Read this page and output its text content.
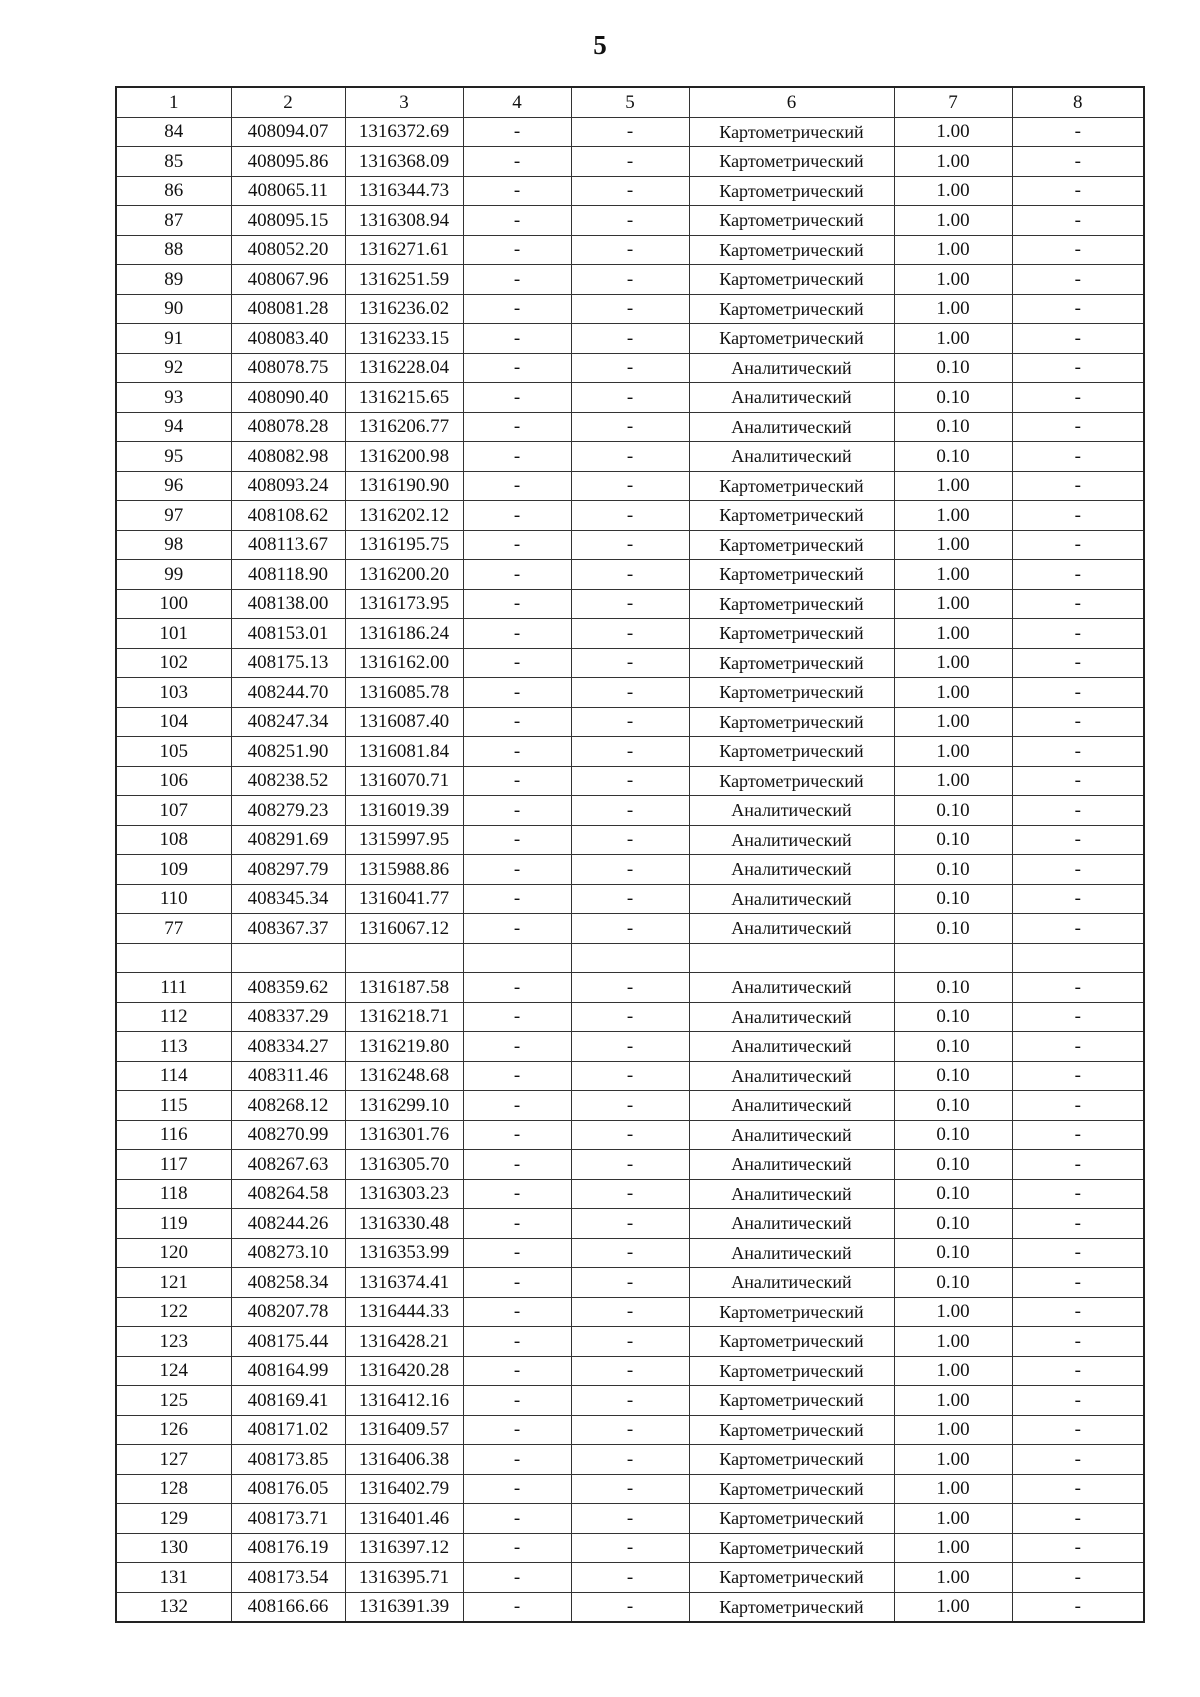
5
1	2	3	4	5	6	7	8
84	408094.07	1316372.69	-	-	Картометрический	1.00	-
85	408095.86	1316368.09	-	-	Картометрический	1.00	-
86	408065.11	1316344.73	-	-	Картометрический	1.00	-
87	408095.15	1316308.94	-	-	Картометрический	1.00	-
88	408052.20	1316271.61	-	-	Картометрический	1.00	-
89	408067.96	1316251.59	-	-	Картометрический	1.00	-
90	408081.28	1316236.02	-	-	Картометрический	1.00	-
91	408083.40	1316233.15	-	-	Картометрический	1.00	-
92	408078.75	1316228.04	-	-	Аналитический	0.10	-
93	408090.40	1316215.65	-	-	Аналитический	0.10	-
94	408078.28	1316206.77	-	-	Аналитический	0.10	-
95	408082.98	1316200.98	-	-	Аналитический	0.10	-
96	408093.24	1316190.90	-	-	Картометрический	1.00	-
97	408108.62	1316202.12	-	-	Картометрический	1.00	-
98	408113.67	1316195.75	-	-	Картометрический	1.00	-
99	408118.90	1316200.20	-	-	Картометрический	1.00	-
100	408138.00	1316173.95	-	-	Картометрический	1.00	-
101	408153.01	1316186.24	-	-	Картометрический	1.00	-
102	408175.13	1316162.00	-	-	Картометрический	1.00	-
103	408244.70	1316085.78	-	-	Картометрический	1.00	-
104	408247.34	1316087.40	-	-	Картометрический	1.00	-
105	408251.90	1316081.84	-	-	Картометрический	1.00	-
106	408238.52	1316070.71	-	-	Картометрический	1.00	-
107	408279.23	1316019.39	-	-	Аналитический	0.10	-
108	408291.69	1315997.95	-	-	Аналитический	0.10	-
109	408297.79	1315988.86	-	-	Аналитический	0.10	-
110	408345.34	1316041.77	-	-	Аналитический	0.10	-
77	408367.37	1316067.12	-	-	Аналитический	0.10	-

111	408359.62	1316187.58	-	-	Аналитический	0.10	-
112	408337.29	1316218.71	-	-	Аналитический	0.10	-
113	408334.27	1316219.80	-	-	Аналитический	0.10	-
114	408311.46	1316248.68	-	-	Аналитический	0.10	-
115	408268.12	1316299.10	-	-	Аналитический	0.10	-
116	408270.99	1316301.76	-	-	Аналитический	0.10	-
117	408267.63	1316305.70	-	-	Аналитический	0.10	-
118	408264.58	1316303.23	-	-	Аналитический	0.10	-
119	408244.26	1316330.48	-	-	Аналитический	0.10	-
120	408273.10	1316353.99	-	-	Аналитический	0.10	-
121	408258.34	1316374.41	-	-	Аналитический	0.10	-
122	408207.78	1316444.33	-	-	Картометрический	1.00	-
123	408175.44	1316428.21	-	-	Картометрический	1.00	-
124	408164.99	1316420.28	-	-	Картометрический	1.00	-
125	408169.41	1316412.16	-	-	Картометрический	1.00	-
126	408171.02	1316409.57	-	-	Картометрический	1.00	-
127	408173.85	1316406.38	-	-	Картометрический	1.00	-
128	408176.05	1316402.79	-	-	Картометрический	1.00	-
129	408173.71	1316401.46	-	-	Картометрический	1.00	-
130	408176.19	1316397.12	-	-	Картометрический	1.00	-
131	408173.54	1316395.71	-	-	Картометрический	1.00	-
132	408166.66	1316391.39	-	-	Картометрический	1.00	-
